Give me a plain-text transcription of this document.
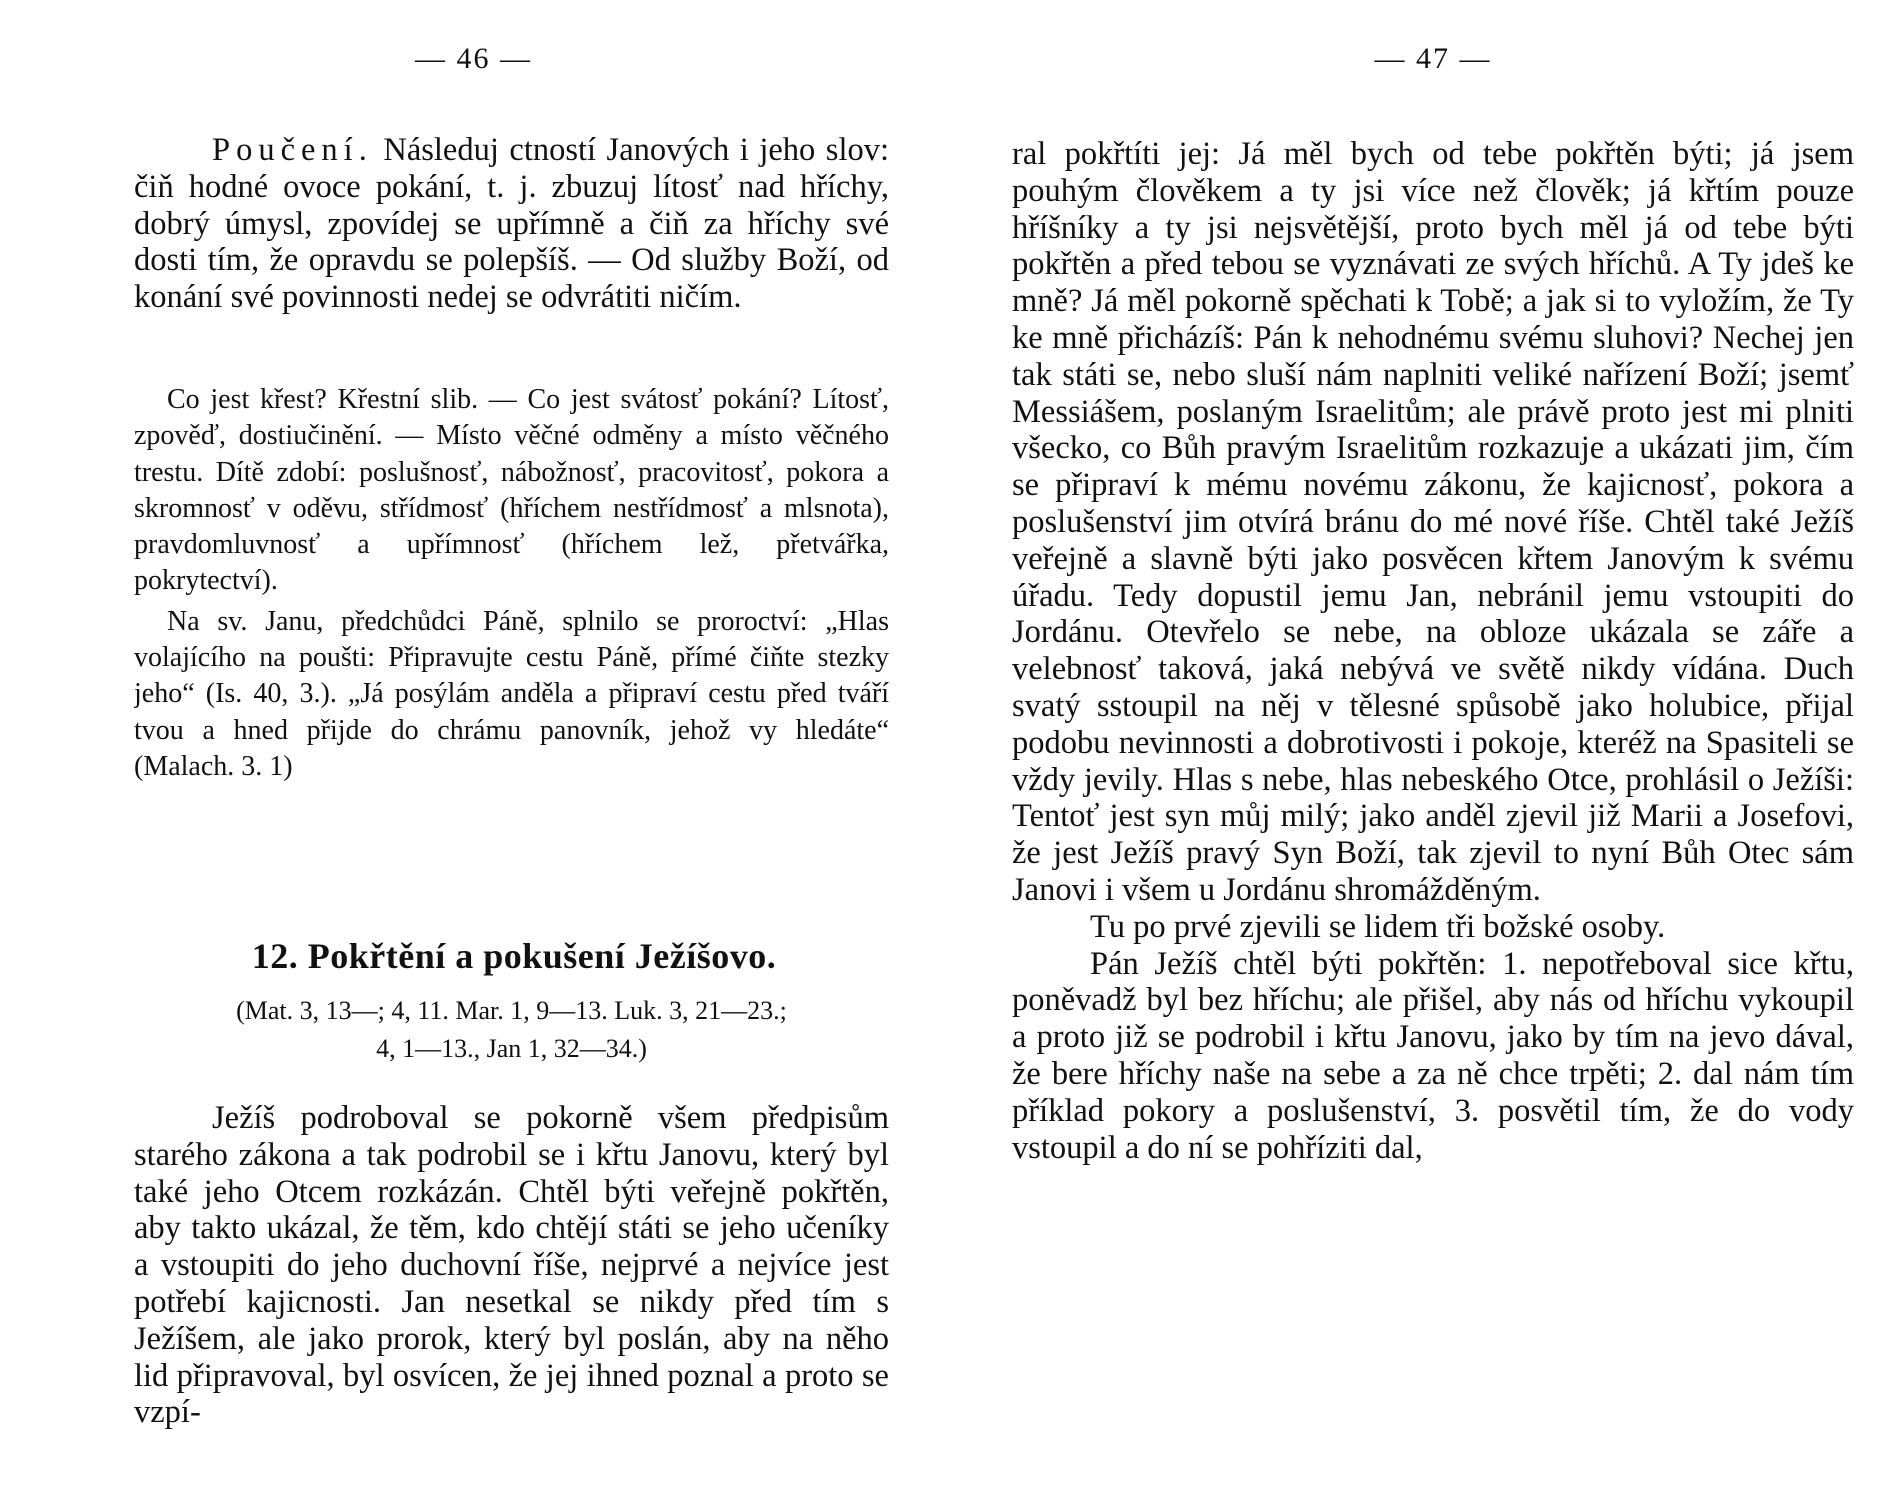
— 46 —

Poučení. Následuj ctností Janových i jeho slov: čiň hodné ovoce pokání, t. j. zbuzuj lítosť nad hříchy, dobrý úmysl, zpovídej se upřímně a čiň za hříchy své dosti tím, že opravdu se polepšíš. — Od služby Boží, od konání své povinnosti nedej se odvrátiti ničím.

Co jest křest? Křestní slib. — Co jest svátosť pokání? Lítosť, zpověď, dostiučinění. — Místo věčné odměny a místo věčného trestu. Dítě zdobí: poslušnosť, nábožnosť, pracovitosť, pokora a skromnosť v oděvu, střídmosť (hříchem nestřídmosť a mlsnota), pravdomluvnosť a upřímnosť (hříchem lež, přetvářka, pokrytectví).

Na sv. Janu, předchůdci Páně, splnilo se proroctví: „Hlas volajícího na poušti: Připravujte cestu Páně, přímé čiňte stezky jeho“ (Is. 40, 3.). „Já posýlám anděla a připraví cestu před tváří tvou a hned přijde do chrámu panovník, jehož vy hledáte“ (Malach. 3. 1)

12. Pokřtění a pokušení Ježíšovo.
(Mat. 3, 13—; 4, 11. Mar. 1, 9—13. Luk. 3, 21—23.;
4, 1—13., Jan 1, 32—34.)

Ježíš podroboval se pokorně všem předpisům starého zákona a tak podrobil se i křtu Janovu, který byl také jeho Otcem rozkázán. Chtěl býti veřejně pokřtěn, aby takto ukázal, že těm, kdo chtějí státi se jeho učeníky a vstoupiti do jeho duchovní říše, nejprvé a nejvíce jest potřebí kajicnosti. Jan nesetkal se nikdy před tím s Ježíšem, ale jako prorok, který byl poslán, aby na něho lid připravoval, byl osvícen, že jej ihned poznal a proto se vzpí-

— 47 —

ral pokřtíti jej: Já měl bych od tebe pokřtěn býti; já jsem pouhým člověkem a ty jsi více než člověk; já křtím pouze hříšníky a ty jsi nejsvětější, proto bych měl já od tebe býti pokřtěn a před tebou se vyznávati ze svých hříchů. A Ty jdeš ke mně? Já měl pokorně spěchati k Tobě; a jak si to vyložím, že Ty ke mně přicházíš: Pán k nehodnému svému sluhovi? Nechej jen tak státi se, nebo sluší nám naplniti veliké nařízení Boží; jsemť Messiášem, poslaným Israelitům; ale právě proto jest mi plniti všecko, co Bůh pravým Israelitům rozkazuje a ukázati jim, čím se připraví k mému novému zákonu, že kajicnosť, pokora a poslušenství jim otvírá bránu do mé nové říše. Chtěl také Ježíš veřejně a slavně býti jako posvěcen křtem Janovým k svému úřadu. Tedy dopustil jemu Jan, nebránil jemu vstoupiti do Jordánu. Otevřelo se nebe, na obloze ukázala se záře a velebnosť taková, jaká nebývá ve světě nikdy vídána. Duch svatý sstoupil na něj v tělesné spůsobě jako holubice, přijal podobu nevinnosti a dobrotivosti i pokoje, kteréž na Spasiteli se vždy jevily. Hlas s nebe, hlas nebeského Otce, prohlásil o Ježíši: Tentoť jest syn můj milý; jako anděl zjevil již Marii a Josefovi, že jest Ježíš pravý Syn Boží, tak zjevil to nyní Bůh Otec sám Janovi i všem u Jordánu shromážděným.

Tu po prvé zjevili se lidem tři božské osoby.

Pán Ježíš chtěl býti pokřtěn: 1. nepotřeboval sice křtu, poněvadž byl bez hříchu; ale přišel, aby nás od hříchu vykoupil a proto již se podrobil i křtu Janovu, jako by tím na jevo dával, že bere hříchy naše na sebe a za ně chce trpěti; 2. dal nám tím příklad pokory a poslušenství, 3. posvětil tím, že do vody vstoupil a do ní se pohříziti dal,
